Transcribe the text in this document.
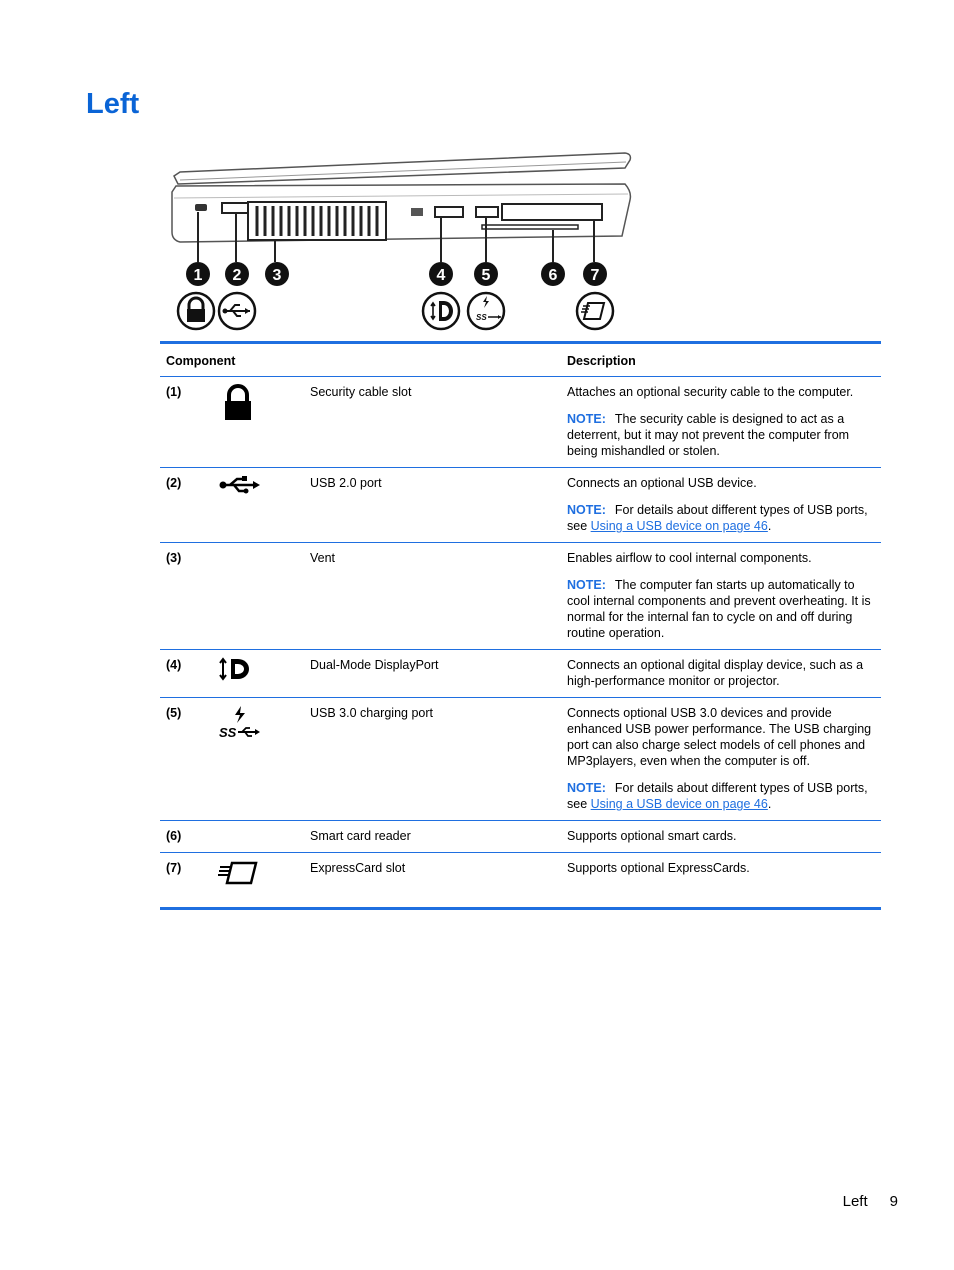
Left
1 2 3	4 5	6 7
SS
Component			Description
(1)		Security cable slot	Attaches an optional security cable to the computer.

NOTE: The security cable is designed to act as a deterrent, but it may not prevent the computer from being mishandled or stolen.

(2)		USB 2.0 port	Connects an optional USB device.

NOTE: For details about different types of USB ports, see Using a USB device on page 46.

(3)		Vent	Enables airflow to cool internal components.

NOTE: The computer fan starts up automatically to cool internal components and prevent overheating. It is normal for the internal fan to cycle on and off during routine operation.

(4)		Dual-Mode DisplayPort	Connects an optional digital display device, such as a high-performance monitor or projector.

(5)	SS	USB 3.0 charging port	Connects optional USB 3.0 devices and provide enhanced USB power performance. The USB charging port can also charge select models of cell phones and MP3players, even when the computer is off.

NOTE: For details about different types of USB ports, see Using a USB device on page 46.

(6)		Smart card reader	Supports optional smart cards.

(7)		ExpressCard slot	Supports optional ExpressCards.

Left 9
